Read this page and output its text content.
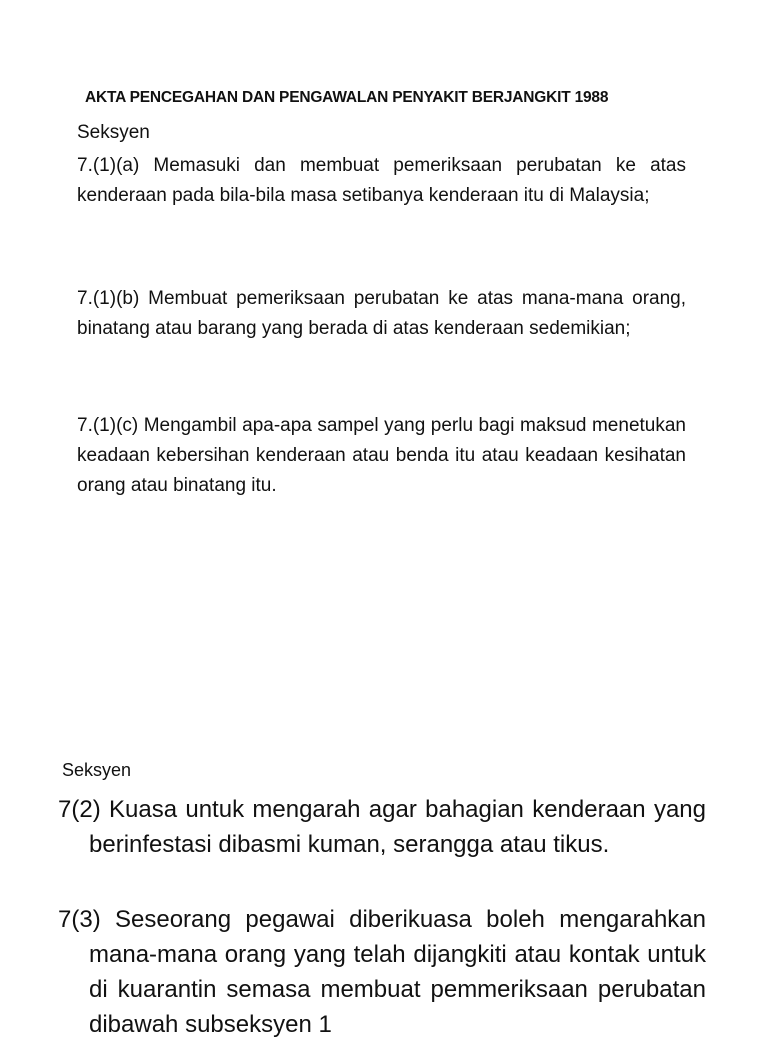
AKTA PENCEGAHAN DAN PENGAWALAN PENYAKIT BERJANGKIT 1988
Seksyen
7.(1)(a) Memasuki dan membuat pemeriksaan perubatan ke atas kenderaan pada bila-bila masa setibanya kenderaan itu di Malaysia;
7.(1)(b) Membuat pemeriksaan perubatan ke atas mana-mana orang, binatang atau barang yang berada di atas kenderaan sedemikian;
7.(1)(c) Mengambil apa-apa sampel yang perlu bagi maksud menetukan keadaan kebersihan kenderaan atau benda itu atau keadaan kesihatan orang atau binatang itu.
Seksyen
7(2) Kuasa untuk mengarah agar bahagian kenderaan yang berinfestasi dibasmi kuman, serangga atau tikus.
7(3) Seseorang pegawai diberikuasa boleh mengarahkan mana-mana orang yang telah dijangkiti atau kontak untuk di kuarantin semasa membuat pemmeriksaan perubatan dibawah subseksyen 1
